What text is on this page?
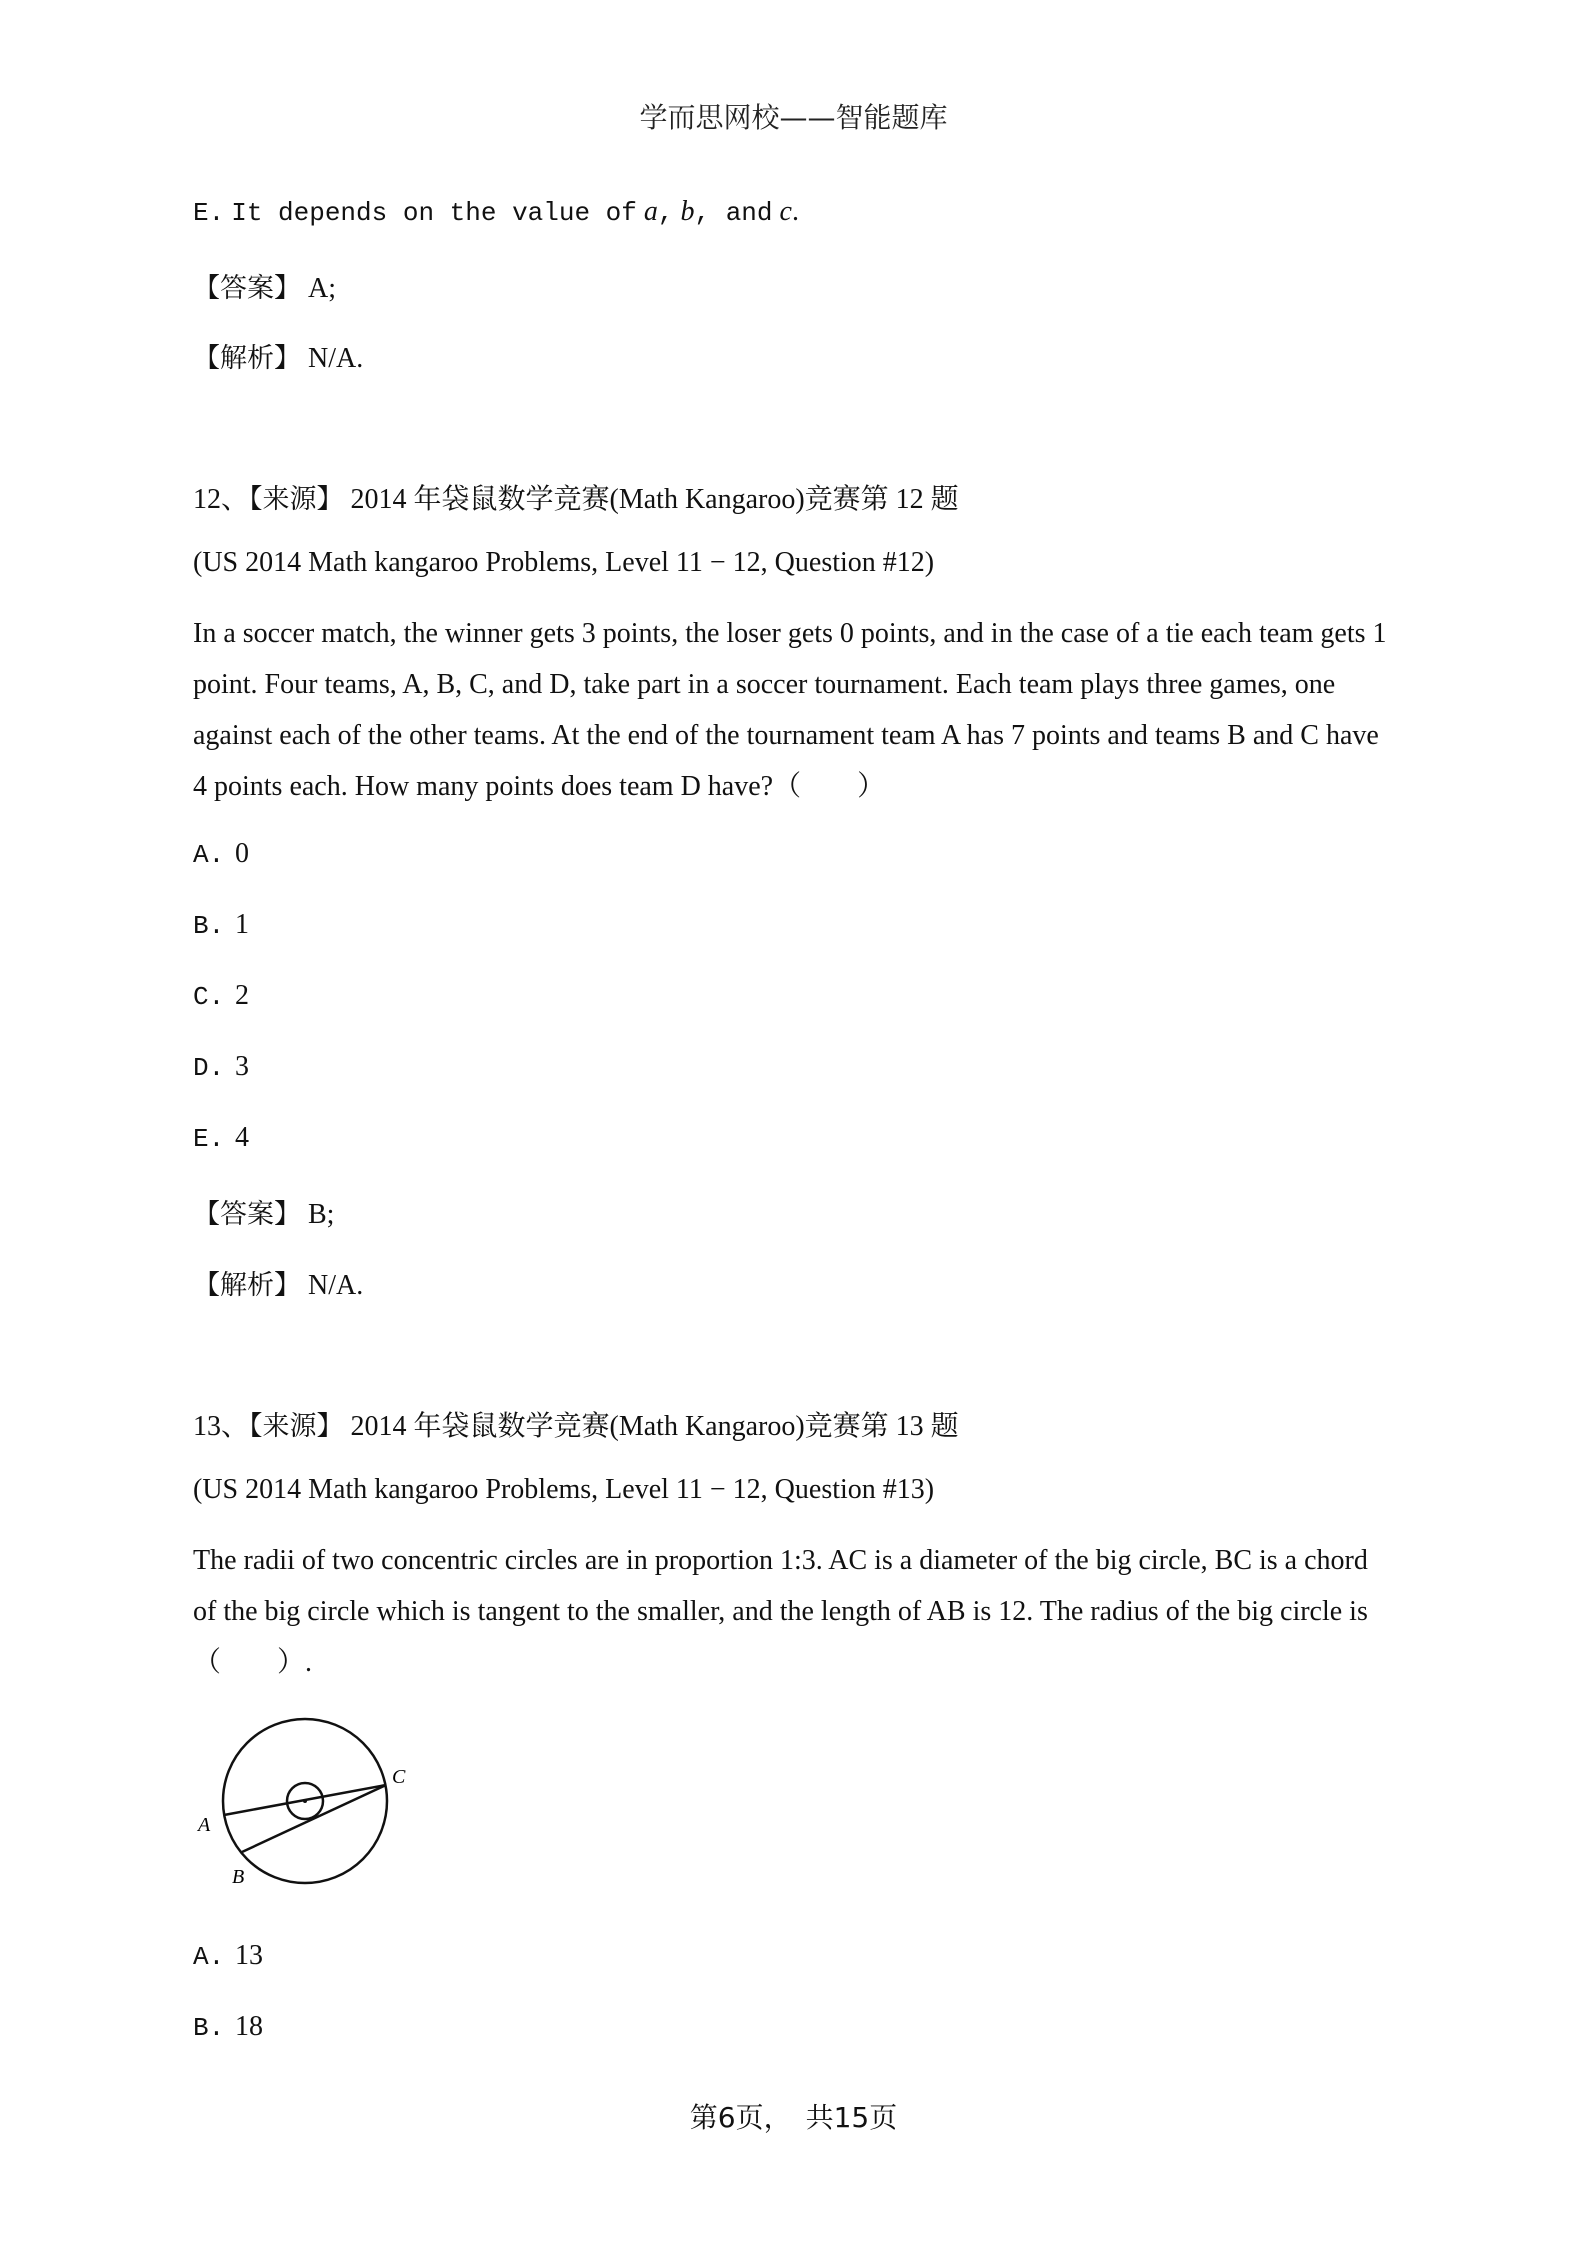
学而思网校——智能题库
E. It depends on the value of a, b, and c.
【答案】 A;
【解析】 N/A.
12、【来源】 2014 年袋鼠数学竞赛(Math Kangaroo)竞赛第 12 题
(US 2014 Math kangaroo Problems, Level 11 − 12, Question #12)
In a soccer match, the winner gets 3 points, the loser gets 0 points, and in the case of a tie each team gets 1
point. Four teams, A, B, C, and D, take part in a soccer tournament. Each team plays three games, one
against each of the other teams. At the end of the tournament team A has 7 points and teams B and C have
4 points each. How many points does team D have?（　　）
A. 0
B. 1
C. 2
D. 3
E. 4
【答案】 B;
【解析】 N/A.
13、【来源】 2014 年袋鼠数学竞赛(Math Kangaroo)竞赛第 13 题
(US 2014 Math kangaroo Problems, Level 11 − 12, Question #13)
The radii of two concentric circles are in proportion 1:3. AC is a diameter of the big circle, BC is a chord
of the big circle which is tangent to the smaller, and the length of AB is 12. The radius of the big circle is
（　　）.
A
B
C
A. 13
B. 18
第6页，　共15页
